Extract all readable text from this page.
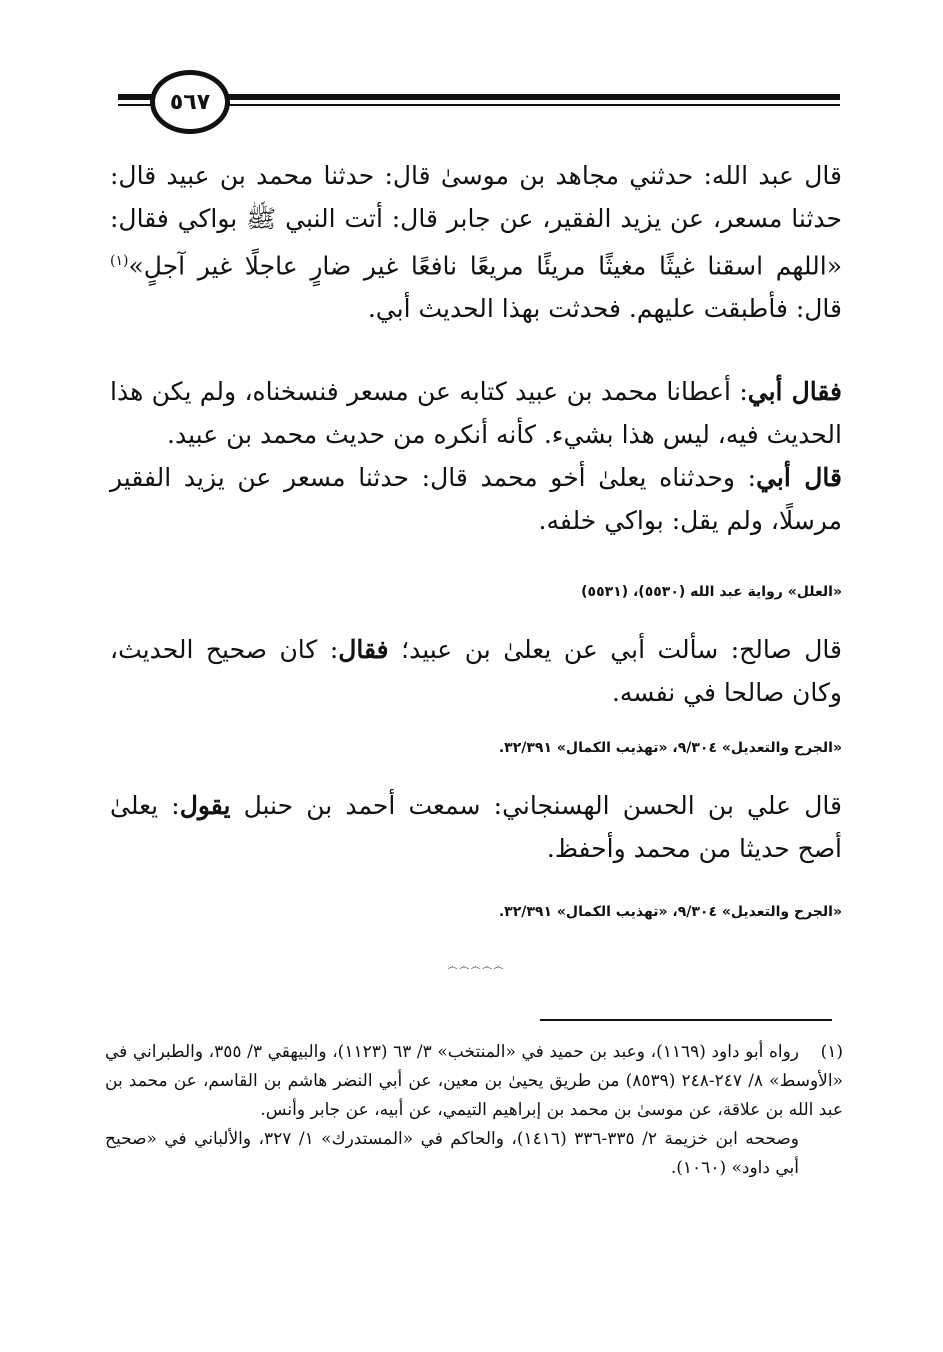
٥٦٧

قال عبد الله: حدثني مجاهد بن موسىٰ قال: حدثنا محمد بن عبيد قال: حدثنا مسعر، عن يزيد الفقير، عن جابر قال: أتت النبي ﷺ بواكي فقال: «اللهم اسقنا غيثًا مغيثًا مريئًا مريعًا نافعًا غير ضارٍ عاجلًا غير آجلٍ»$^{(١)}$ قال: فأطبقت عليهم. فحدثت بهذا الحديث أبي.

فقال أبي: أعطانا محمد بن عبيد كتابه عن مسعر فنسخناه، ولم يكن هذا الحديث فيه، ليس هذا بشيء. كأنه أنكره من حديث محمد بن عبيد.
قال أبي: وحدثناه يعلىٰ أخو محمد قال: حدثنا مسعر عن يزيد الفقير مرسلًا، ولم يقل: بواكي خلفه.

«العلل» رواية عبد الله (٥٥٣٠)، (٥٥٣١)

قال صالح: سألت أبي عن يعلىٰ بن عبيد؛ فقال: كان صحيح الحديث، وكان صالحا في نفسه.

«الجرح والتعديل» ٩/٣٠٤، «تهذيب الكمال» ٣٢/٣٩١.

قال علي بن الحسن الهسنجاني: سمعت أحمد بن حنبل يقول: يعلىٰ أصح حديثا من محمد وأحفظ.

«الجرح والتعديل» ٩/٣٠٤، «تهذيب الكمال» ٣٢/٣٩١.

෴෴෴෴෴

(١)رواه أبو داود (١١٦٩)، وعبد بن حميد في «المنتخب» ٣/ ٦٣ (١١٢٣)، والبيهقي ٣/ ٣٥٥، والطبراني في «الأوسط» ٨/ ٢٤٧-٢٤٨ (٨٥٣٩) من طريق يحيىٰ بن معين، عن أبي النضر هاشم بن القاسم، عن محمد بن عبد الله بن علاقة، عن موسىٰ بن محمد بن إبراهيم التيمي، عن أبيه، عن جابر وأنس.

وصححه ابن خزيمة ٢/ ٣٣٥-٣٣٦ (١٤١٦)، والحاكم في «المستدرك» ١/ ٣٢٧، والألباني في «صحيح أبي داود» (١٠٦٠).
